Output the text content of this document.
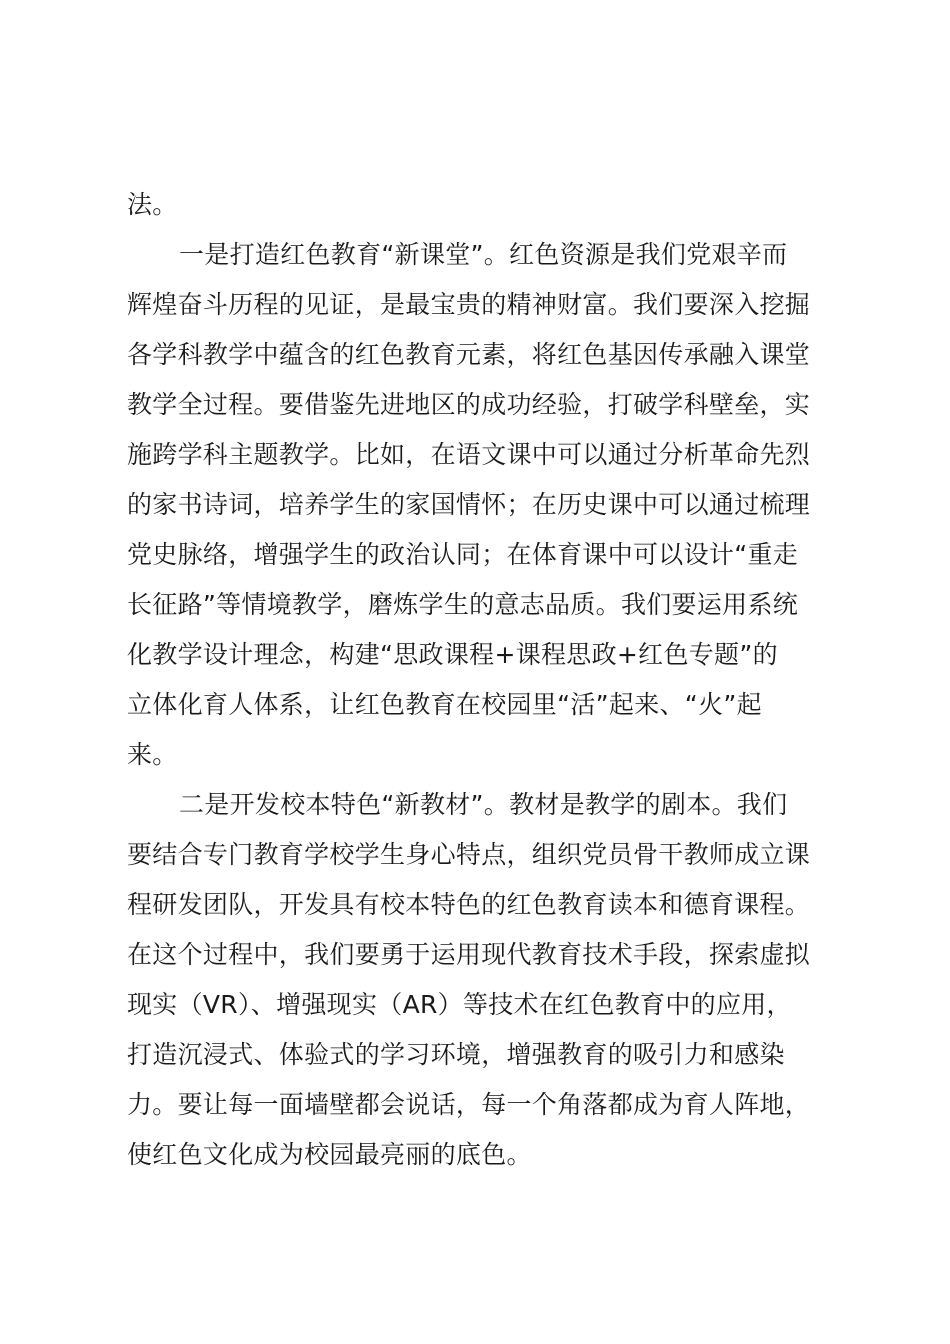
法。
一是打造红色教育“新课堂”。红色资源是我们党艰辛而
辉煌奋斗历程的见证，是最宝贵的精神财富。我们要深入挖掘
各学科教学中蕴含的红色教育元素，将红色基因传承融入课堂
教学全过程。要借鉴先进地区的成功经验，打破学科壁垒，实
施跨学科主题教学。比如，在语文课中可以通过分析革命先烈
的家书诗词，培养学生的家国情怀；在历史课中可以通过梳理
党史脉络，增强学生的政治认同；在体育课中可以设计“重走
长征路”等情境教学，磨炼学生的意志品质。我们要运用系统
化教学设计理念，构建“思政课程+课程思政+红色专题”的
立体化育人体系，让红色教育在校园里“活”起来、“火”起
来。
二是开发校本特色“新教材”。教材是教学的剧本。我们
要结合专门教育学校学生身心特点，组织党员骨干教师成立课
程研发团队，开发具有校本特色的红色教育读本和德育课程。
在这个过程中，我们要勇于运用现代教育技术手段，探索虚拟
现实（VR）、增强现实（AR）等技术在红色教育中的应用，
打造沉浸式、体验式的学习环境，增强教育的吸引力和感染
力。要让每一面墙壁都会说话，每一个角落都成为育人阵地，
使红色文化成为校园最亮丽的底色。
